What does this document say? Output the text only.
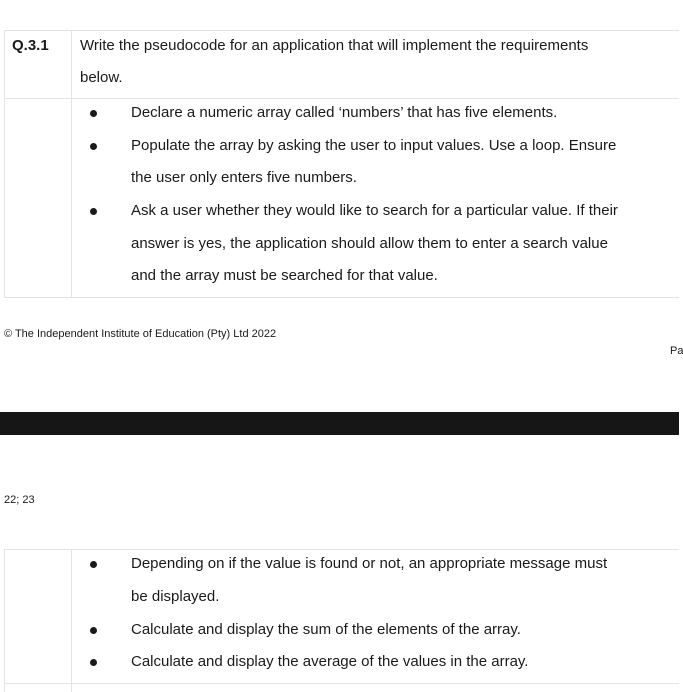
Q.3.1 Write the pseudocode for an application that will implement the requirements
below.
Declare a numeric array called ‘numbers’ that has five elements.
Populate the array by asking the user to input values. Use a loop. Ensure
the user only enters five numbers.
Ask a user whether they would like to search for a particular value. If their
answer is yes, the application should allow them to enter a search value
and the array must be searched for that value.
© The Independent Institute of Education (Pty) Ltd 2022
Pa
22; 23
Depending on if the value is found or not, an appropriate message must
be displayed.
Calculate and display the sum of the elements of the array.
Calculate and display the average of the values in the array.
